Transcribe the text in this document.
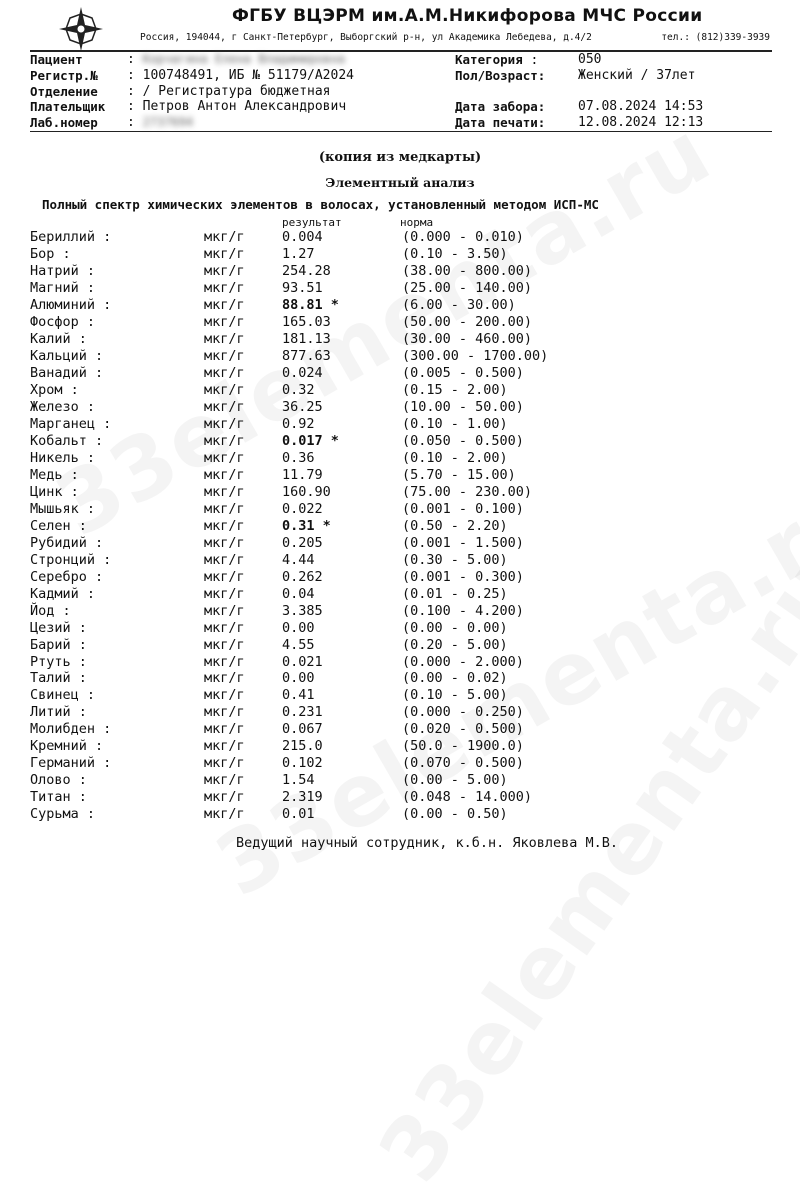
ФГБУ ВЦЭРМ им.А.М.Никифорова МЧС России
Россия, 194044, г Санкт-Петербург, Выборгский р-н, ул Академика Лебедева, д.4/2	тел.: (812)339-3939
Пациент	: Корчагина Елена Владимировна
Регистр.№ : 100748491, ИБ № 51179/А2024
Отделение : / Регистратура бюджетная
Плательщик : Петров Антон Александрович
Лаб.номер : 2737694
Категория :	050
Пол/Возраст:	Женский / 37лет
Дата забора:	07.08.2024 14:53
Дата печати:	12.08.2024 12:13
(копия из медкарты)
Элементный анализ
Полный спектр химических элементов в волосах, установленный методом ИСП-МС
результат	норма
Бериллий :	мкг/г	0.004	(0.000 - 0.010)
Бор :	мкг/г	1.27	(0.10 - 3.50)
Натрий :	мкг/г	254.28	(38.00 - 800.00)
Магний :	мкг/г	93.51	(25.00 - 140.00)
Алюминий :	мкг/г	88.81 *	(6.00 - 30.00)
Фосфор :	мкг/г	165.03	(50.00 - 200.00)
Калий :	мкг/г	181.13	(30.00 - 460.00)
Кальций :	мкг/г	877.63	(300.00 - 1700.00)
Ванадий :	мкг/г	0.024	(0.005 - 0.500)
Хром :	мкг/г	0.32	(0.15 - 2.00)
Железо :	мкг/г	36.25	(10.00 - 50.00)
Марганец :	мкг/г	0.92	(0.10 - 1.00)
Кобальт :	мкг/г	0.017 *	(0.050 - 0.500)
Никель :	мкг/г	0.36	(0.10 - 2.00)
Медь :	мкг/г	11.79	(5.70 - 15.00)
Цинк :	мкг/г	160.90	(75.00 - 230.00)
Мышьяк :	мкг/г	0.022	(0.001 - 0.100)
Селен :	мкг/г	0.31 *	(0.50 - 2.20)
Рубидий :	мкг/г	0.205	(0.001 - 1.500)
Стронций :	мкг/г	4.44	(0.30 - 5.00)
Серебро :	мкг/г	0.262	(0.001 - 0.300)
Кадмий :	мкг/г	0.04	(0.01 - 0.25)
Йод :	мкг/г	3.385	(0.100 - 4.200)
Цезий :	мкг/г	0.00	(0.00 - 0.00)
Барий :	мкг/г	4.55	(0.20 - 5.00)
Ртуть :	мкг/г	0.021	(0.000 - 2.000)
Талий :	мкг/г	0.00	(0.00 - 0.02)
Свинец :	мкг/г	0.41	(0.10 - 5.00)
Литий :	мкг/г	0.231	(0.000 - 0.250)
Молибден :	мкг/г	0.067	(0.020 - 0.500)
Кремний :	мкг/г	215.0	(50.0 - 1900.0)
Германий :	мкг/г	0.102	(0.070 - 0.500)
Олово :	мкг/г	1.54	(0.00 - 5.00)
Титан :	мкг/г	2.319	(0.048 - 14.000)
Сурьма :	мкг/г	0.01	(0.00 - 0.50)
Ведущий научный сотрудник, к.б.н. Яковлева М.В.
